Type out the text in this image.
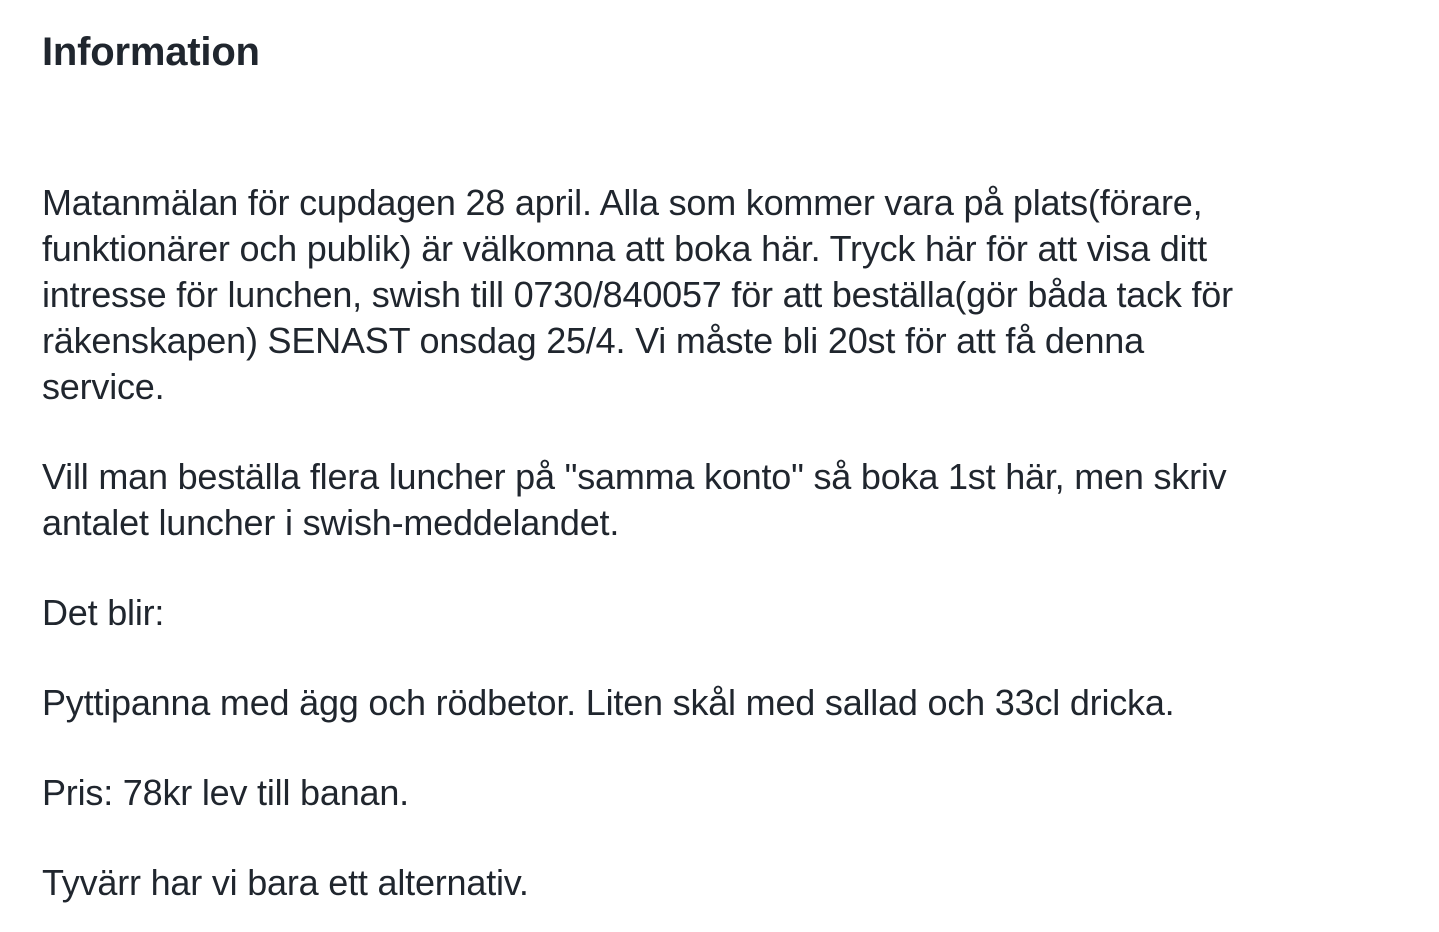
Information
Matanmälan för cupdagen 28 april. Alla som kommer vara på plats(förare,
funktionärer och publik) är välkomna att boka här. Tryck här för att visa ditt
intresse för lunchen, swish till 0730/840057 för att beställa(gör båda tack för
räkenskapen) SENAST onsdag 25/4. Vi måste bli 20st för att få denna
service.
Vill man beställa flera luncher på "samma konto" så boka 1st här, men skriv
antalet luncher i swish-meddelandet.
Det blir:
Pyttipanna med ägg och rödbetor. Liten skål med sallad och 33cl dricka.
Pris: 78kr lev till banan.
Tyvärr har vi bara ett alternativ.
